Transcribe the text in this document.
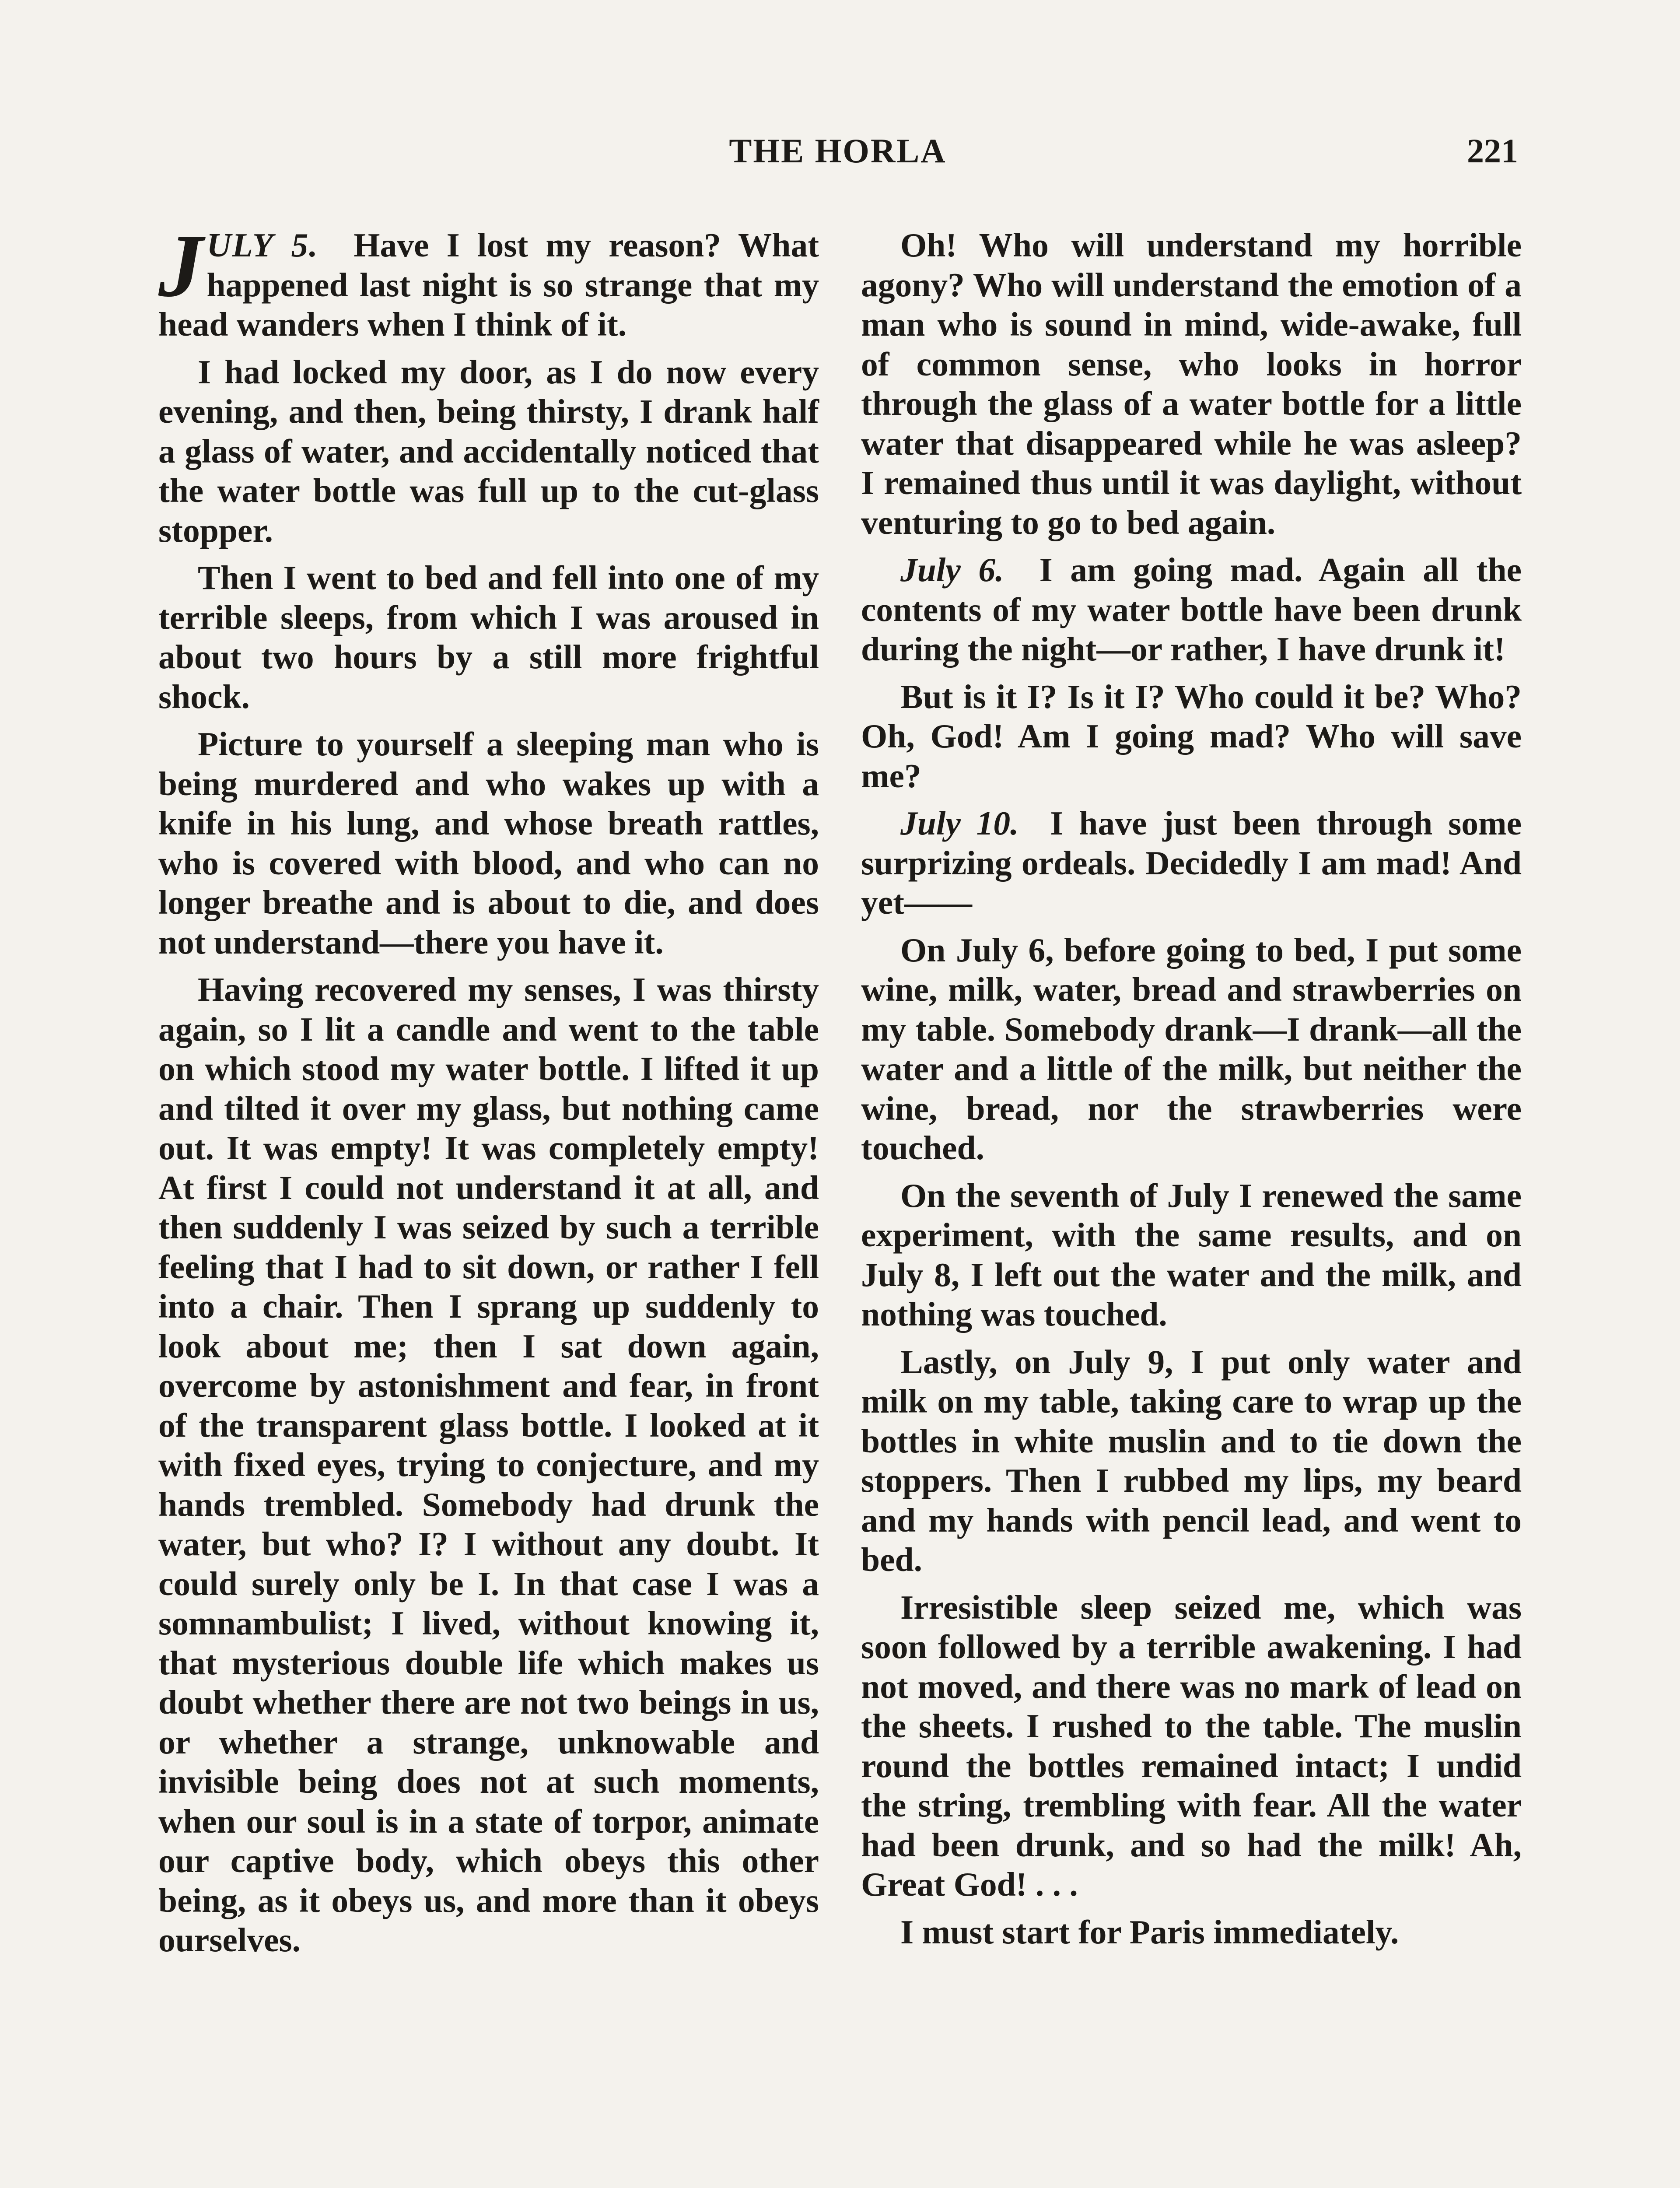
THE HORLA	221

JULY 5. Have I lost my reason? What happened last night is so strange that my head wanders when I think of it.

I had locked my door, as I do now every evening, and then, being thirsty, I drank half a glass of water, and accidentally noticed that the water bottle was full up to the cut-glass stopper.

Then I went to bed and fell into one of my terrible sleeps, from which I was aroused in about two hours by a still more frightful shock.

Picture to yourself a sleeping man who is being murdered and who wakes up with a knife in his lung, and whose breath rattles, who is covered with blood, and who can no longer breathe and is about to die, and does not understand—there you have it.

Having recovered my senses, I was thirsty again, so I lit a candle and went to the table on which stood my water bottle. I lifted it up and tilted it over my glass, but nothing came out. It was empty! It was completely empty! At first I could not understand it at all, and then suddenly I was seized by such a terrible feeling that I had to sit down, or rather I fell into a chair. Then I sprang up suddenly to look about me; then I sat down again, overcome by astonishment and fear, in front of the transparent glass bottle. I looked at it with fixed eyes, trying to conjecture, and my hands trembled. Somebody had drunk the water, but who? I? I without any doubt. It could surely only be I. In that case I was a somnambulist; I lived, without knowing it, that mysterious double life which makes us doubt whether there are not two beings in us, or whether a strange, unknowable and invisible being does not at such moments, when our soul is in a state of torpor, animate our captive body, which obeys this other being, as it obeys us, and more than it obeys ourselves.

Oh! Who will understand my horrible agony? Who will understand the emotion of a man who is sound in mind, wide-awake, full of common sense, who looks in horror through the glass of a water bottle for a little water that disappeared while he was asleep? I remained thus until it was daylight, without venturing to go to bed again.

July 6. I am going mad. Again all the contents of my water bottle have been drunk during the night—or rather, I have drunk it!

But is it I? Is it I? Who could it be? Who? Oh, God! Am I going mad? Who will save me?

July 10. I have just been through some surprizing ordeals. Decidedly I am mad! And yet——

On July 6, before going to bed, I put some wine, milk, water, bread and strawberries on my table. Somebody drank—I drank—all the water and a little of the milk, but neither the wine, bread, nor the strawberries were touched.

On the seventh of July I renewed the same experiment, with the same results, and on July 8, I left out the water and the milk, and nothing was touched.

Lastly, on July 9, I put only water and milk on my table, taking care to wrap up the bottles in white muslin and to tie down the stoppers. Then I rubbed my lips, my beard and my hands with pencil lead, and went to bed.

Irresistible sleep seized me, which was soon followed by a terrible awakening. I had not moved, and there was no mark of lead on the sheets. I rushed to the table. The muslin round the bottles remained intact; I undid the string, trembling with fear. All the water had been drunk, and so had the milk! Ah, Great God! . . .

I must start for Paris immediately.
